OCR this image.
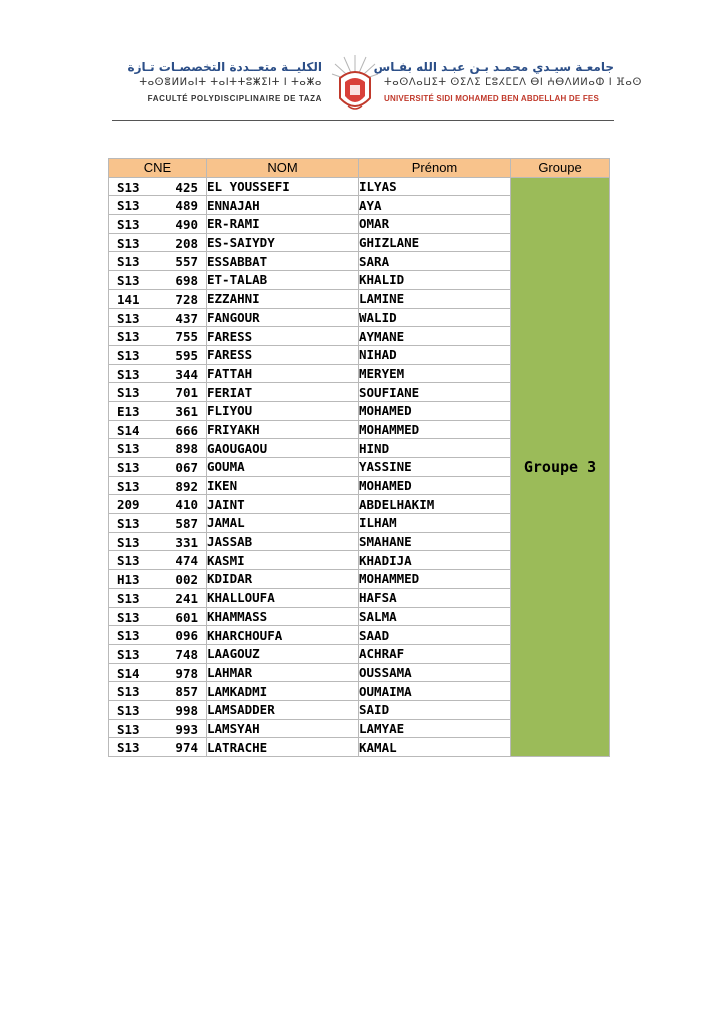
الكليــة متعــددة التخصصـات تـازة
ⵜⴰⵙⴻⵍⵍⴰⵏⵜ ⵜⴰⵏⵜⵜⵓⵥⵉⵏⵜ ⵏ ⵜⴰⵥⴰ
FACULTÉ POLYDISCIPLINAIRE DE TAZA
جامعـة سيـدي محمـد بـن عبـد الله بفـاس
ⵜⴰⵙⴷⴰⵡⵉⵜ ⵙⵉⴷⵉ ⵎⵓⵃⵎⵎⴷ ⴱⵏ ⵄⴱⴷⵍⵍⴰⵀ ⵏ ⴼⴰⵙ
UNIVERSITÉ SIDI MOHAMED BEN ABDELLAH DE FES
CNE	NOM	Prénom	Groupe

S13 425	EL YOUSSEFI	ILYAS	Groupe 3

S13 489	ENNAJAH	AYA	

S13 490	ER-RAMI	OMAR	

S13 208	ES-SAIYDY	GHIZLANE	

S13 557	ESSABBAT	SARA	

S13 698	ET-TALAB	KHALID	

141 728	EZZAHNI	LAMINE	

S13 437	FANGOUR	WALID	

S13 755	FARESS	AYMANE	

S13 595	FARESS	NIHAD	

S13 344	FATTAH	MERYEM	

S13 701	FERIAT	SOUFIANE	

E13 361	FLIYOU	MOHAMED	

S14 666	FRIYAKH	MOHAMMED	

S13 898	GAOUGAOU	HIND	

S13 067	GOUMA	YASSINE	

S13 892	IKEN	MOHAMED	

209 410	JAINT	ABDELHAKIM	

S13 587	JAMAL	ILHAM	

S13 331	JASSAB	SMAHANE	

S13 474	KASMI	KHADIJA	

H13 002	KDIDAR	MOHAMMED	

S13 241	KHALLOUFA	HAFSA	

S13 601	KHAMMASS	SALMA	

S13 096	KHARCHOUFA	SAAD	

S13 748	LAAGOUZ	ACHRAF	

S14 978	LAHMAR	OUSSAMA	

S13 857	LAMKADMI	OUMAIMA	

S13 998	LAMSADDER	SAID	

S13 993	LAMSYAH	LAMYAE	

S13 974	LATRACHE	KAMAL	
